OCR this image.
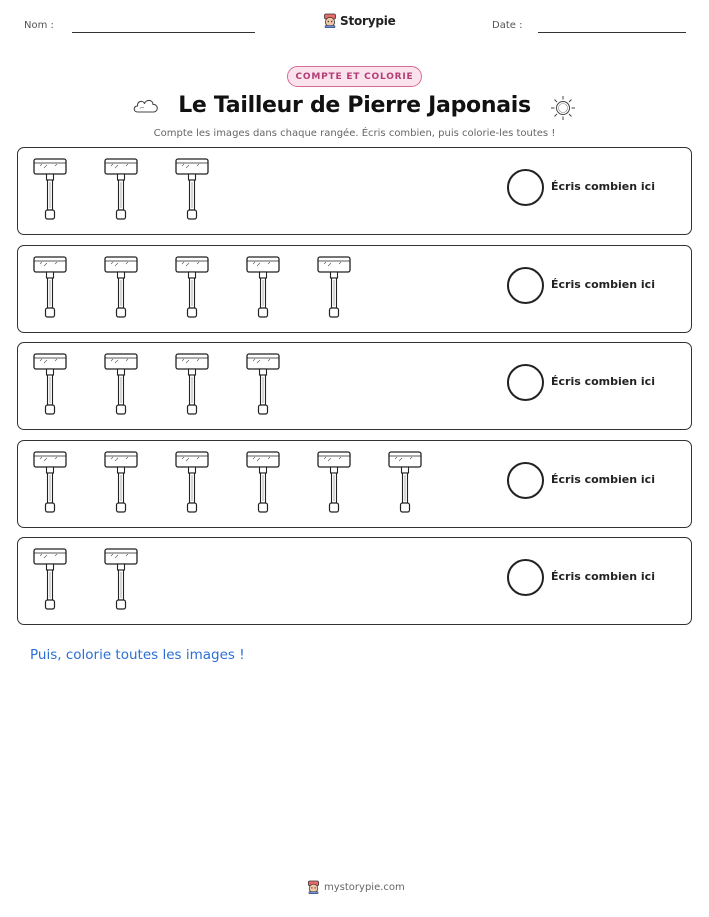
Nom :	Storypie	Date :
COMPTE ET COLORIE
Le Tailleur de Pierre Japonais
Compte les images dans chaque rangée. Écris combien, puis colorie-les toutes !
Écris combien ici
Écris combien ici
Écris combien ici
Écris combien ici
Écris combien ici
Puis, colorie toutes les images !
mystorypie.com
